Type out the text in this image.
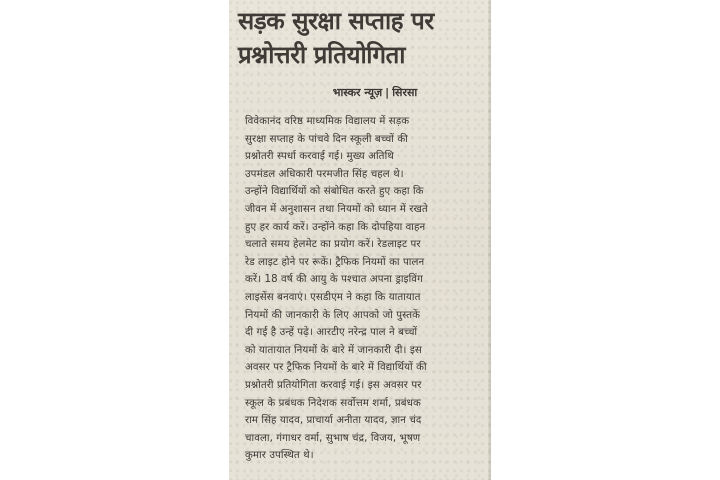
सड़क सुरक्षा सप्ताह पर
प्रश्नोत्तरी प्रतियोगिता
भास्कर न्यूज़ | सिरसा
विवेकानंद वरिष्ठ माध्यमिक विद्यालय में सड़क
सुरक्षा सप्ताह के पांचवे दिन स्कूली बच्चों की
प्रश्नोतरी स्पर्धा करवाई गई। मुख्य अतिथि
उपमंडल अधिकारी परमजीत सिंह चहल थे।
उन्होंने विद्यार्थियों को संबोधित करते हुए कहा कि
जीवन में अनुशासन तथा नियमों को ध्यान में रखते
हुए हर कार्य करें। उन्होंने कहा कि दोपहिया वाहन
चलाते समय हेलमेट का प्रयोग करें। रेडलाइट पर
रेड लाइट होने पर रूकें। ट्रैफिक नियमों का पालन
करें। 18 वर्ष की आयु के पश्चात अपना ड्राइविंग
लाइसेंस बनवाएं। एसडीएम ने कहा कि यातायात
नियमों की जानकारी के लिए आपको जो पुस्तकें
दी गई है उन्हें पढ़े। आरटीए नरेन्द्र पाल ने बच्चों
को यातायात नियमों के बारे में जानकारी दी। इस
अवसर पर ट्रैफिक नियमों के बारे में विद्यार्थियों की
प्रश्नोतरी प्रतियोगिता करवाई गई। इस अवसर पर
स्कूल के प्रबंधक निदेशक सर्वोत्तम शर्मा, प्रबंधक
राम सिंह यादव, प्राचार्या अनीता यादव, ज्ञान चंद
चावला, गंगाधर वर्मा, सुभाष चंद्र, विजय, भूषण
कुमार उपस्थित थे।
